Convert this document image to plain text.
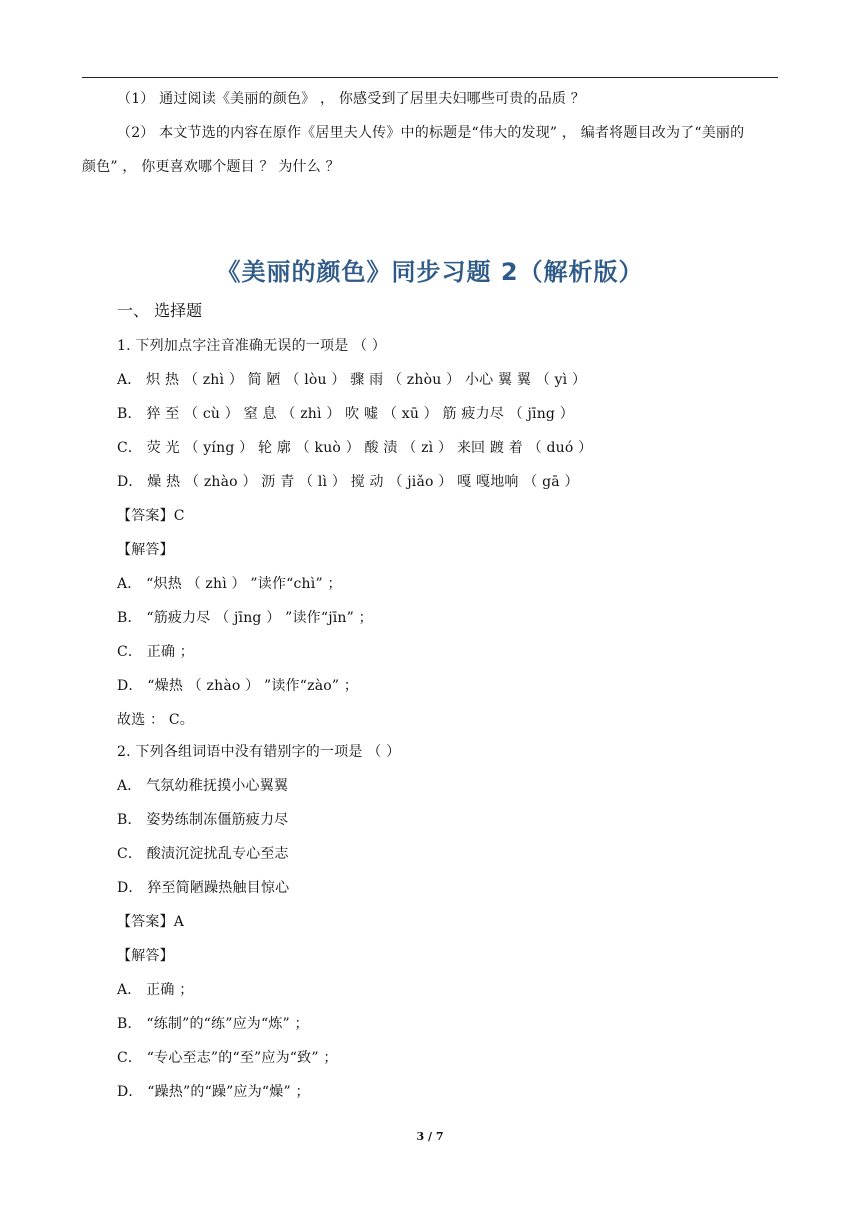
（1） 通过阅读《美丽的颜色》 ， 你感受到了居里夫妇哪些可贵的品质 ？
（2） 本文节选的内容在原作《居里夫人传》中的标题是“伟大的发现” ， 编者将题目改为了“美丽的
颜色” ， 你更喜欢哪个题目 ？ 为什么 ？
《美丽的颜色》同步习题 2（解析版）
一、 选择题
1. 下列加点字注音准确无误的一项是 （ ）
A． 炽 热 （ zhì ） 简 陋 （ lòu ） 骤 雨 （ zhòu ） 小心 翼 翼 （ yì ）
B． 猝 至 （ cù ） 窒 息 （ zhì ） 吹 嘘 （ xū ） 筋 疲力尽 （ jīng ）
C． 荧 光 （ yíng ） 轮 廓 （ kuò ） 酸 渍 （ zì ） 来回 踱 着 （ duó ）
D． 燥 热 （ zhào ） 沥 青 （ lì ） 搅 动 （ jiǎo ） 嘎 嘎地响 （ gā ）
【答案】C
【解答】
A． “炽热 （ zhì ） ”读作“chì” ；
B． “筋疲力尽 （ jīng ） ”读作“jīn” ；
C． 正确 ；
D． “燥热 （ zhào ） ”读作“zào” ；
故选 ： C。
2. 下列各组词语中没有错别字的一项是 （ ）
A． 气氛幼稚抚摸小心翼翼
B． 姿势练制冻僵筋疲力尽
C． 酸渍沉淀扰乱专心至志
D． 猝至简陋躁热触目惊心
【答案】A
【解答】
A． 正确 ；
B． “练制”的“练”应为“炼” ；
C． “专心至志”的“至”应为“致” ；
D． “躁热”的“躁”应为“燥” ；
3 / 7
